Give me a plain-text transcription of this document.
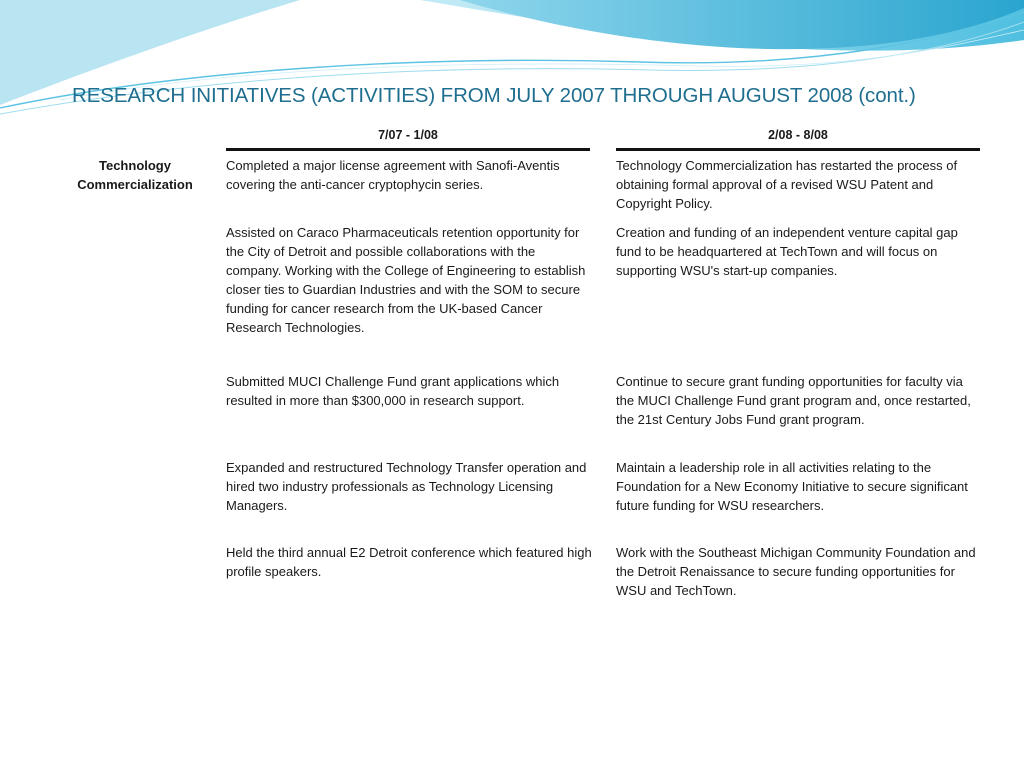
RESEARCH INITIATIVES (ACTIVITIES) FROM JULY 2007 THROUGH AUGUST 2008 (cont.)
7/07 - 1/08	2/08 - 8/08
Technology Commercialization
Completed a major license agreement with Sanofi-Aventis covering the anti-cancer cryptophycin series.
Technology Commercialization has restarted the process of obtaining formal approval of a revised WSU Patent and Copyright Policy.
Assisted on Caraco Pharmaceuticals retention opportunity for the City of Detroit and possible collaborations with the company. Working with the College of Engineering to establish closer ties to Guardian Industries and with the SOM to secure funding for cancer research from the UK-based Cancer Research Technologies.
Creation and funding of an independent venture capital gap fund to be headquartered at TechTown and will focus on supporting WSU's start-up companies.
Submitted MUCI Challenge Fund grant applications which resulted in more than $300,000 in research support.
Continue to secure grant funding opportunities for faculty via the MUCI Challenge Fund grant program and, once restarted, the 21st Century Jobs Fund grant program.
Expanded and restructured Technology Transfer operation and hired two industry professionals as Technology Licensing Managers.
Maintain a leadership role in all activities relating to the Foundation for a New Economy Initiative to secure significant future funding for WSU researchers.
Held the third annual E2 Detroit conference which featured high profile speakers.
Work with the Southeast Michigan Community Foundation and the Detroit Renaissance to secure funding opportunities for WSU and TechTown.
